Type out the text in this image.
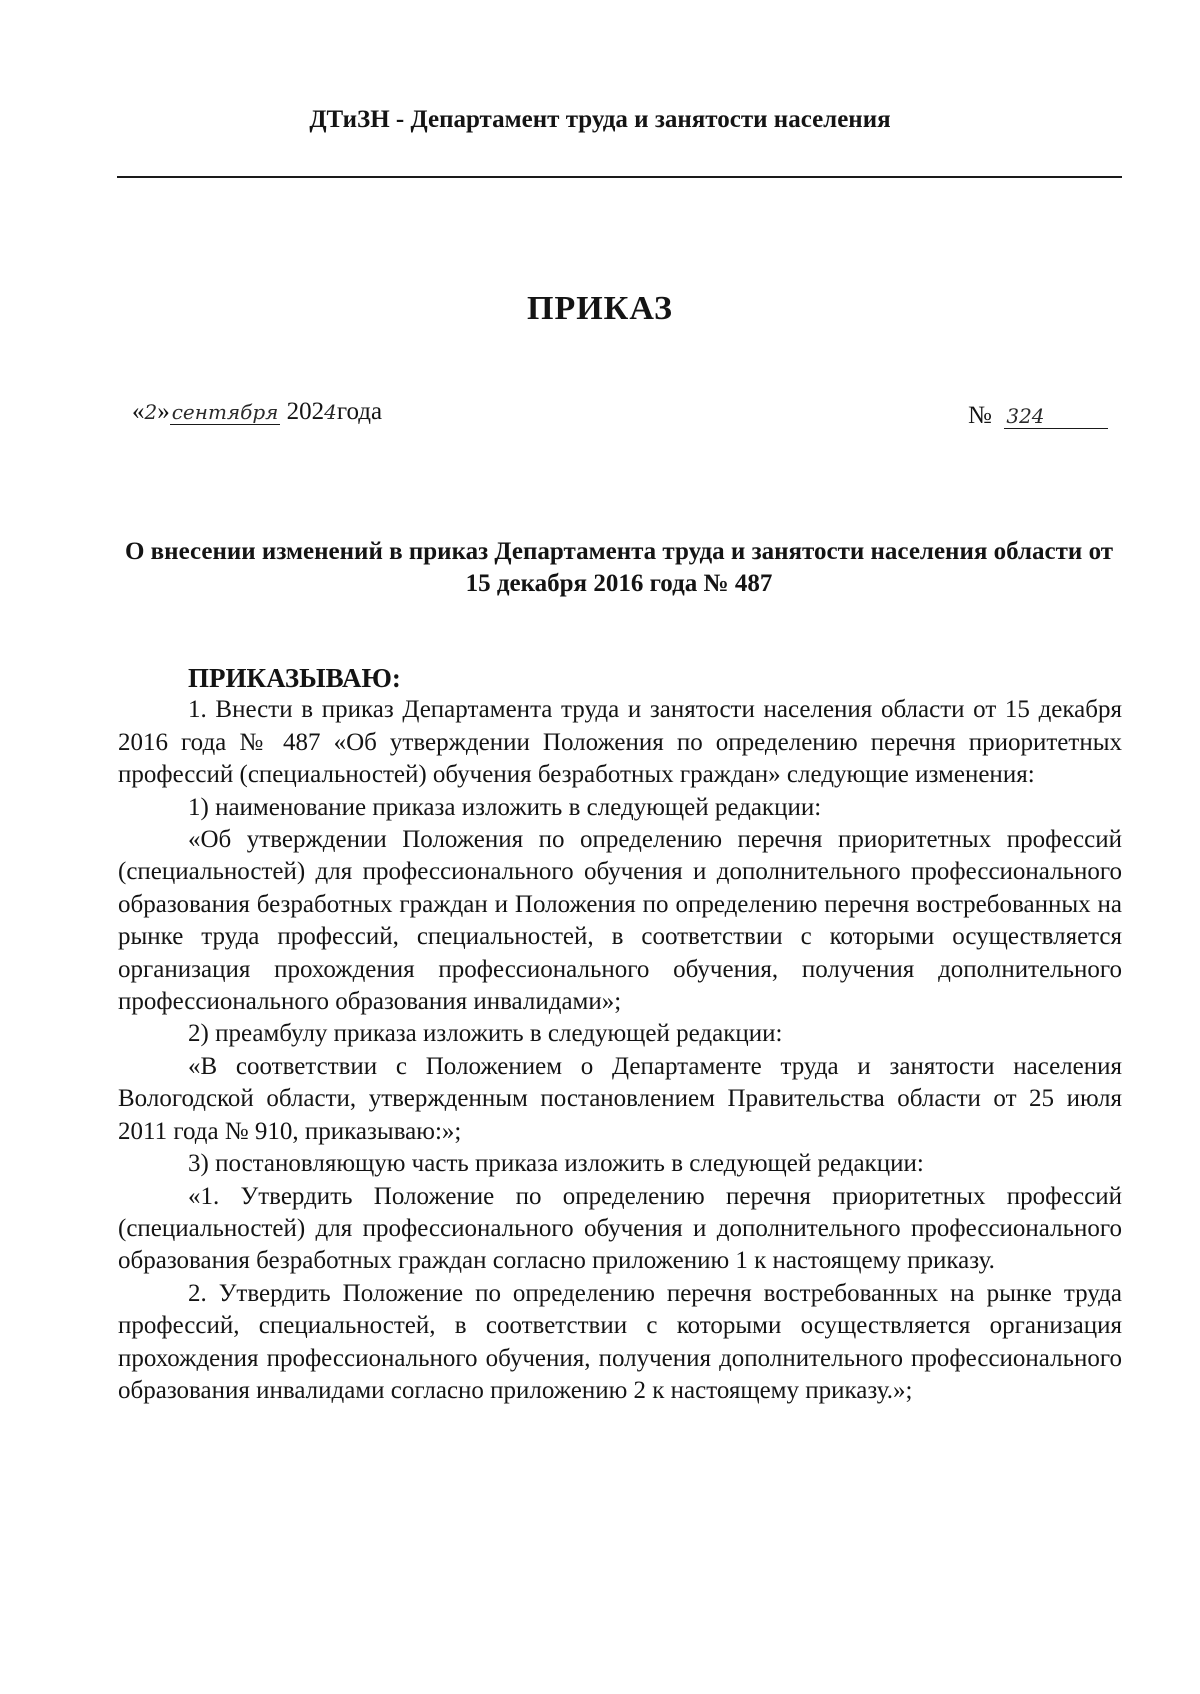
ДТиЗН - Департамент труда и занятости населения
ПРИКАЗ
«2» сентября 2024года	№ 324
О внесении изменений в приказ Департамента труда и занятости населения области от 15 декабря 2016 года № 487

ПРИКАЗЫВАЮ:

1. Внести в приказ Департамента труда и занятости населения области от 15 декабря 2016 года № 487 «Об утверждении Положения по определению перечня приоритетных профессий (специальностей) обучения безработных граждан» следующие изменения:

1) наименование приказа изложить в следующей редакции:

«Об утверждении Положения по определению перечня приоритетных профессий (специальностей) для профессионального обучения и дополнительного профессионального образования безработных граждан и Положения по определению перечня востребованных на рынке труда профессий, специальностей, в соответствии с которыми осуществляется организация прохождения профессионального обучения, получения дополнительного профессионального образования инвалидами»;

2) преамбулу приказа изложить в следующей редакции:

«В соответствии с Положением о Департаменте труда и занятости населения Вологодской области, утвержденным постановлением Правительства области от 25 июля 2011 года № 910, приказываю:»;

3) постановляющую часть приказа изложить в следующей редакции:

«1. Утвердить Положение по определению перечня приоритетных профессий (специальностей) для профессионального обучения и дополнительного профессионального образования безработных граждан согласно приложению 1 к настоящему приказу.

2. Утвердить Положение по определению перечня востребованных на рынке труда профессий, специальностей, в соответствии с которыми осуществляется организация прохождения профессионального обучения, получения дополнительного профессионального образования инвалидами согласно приложению 2 к настоящему приказу.»;
